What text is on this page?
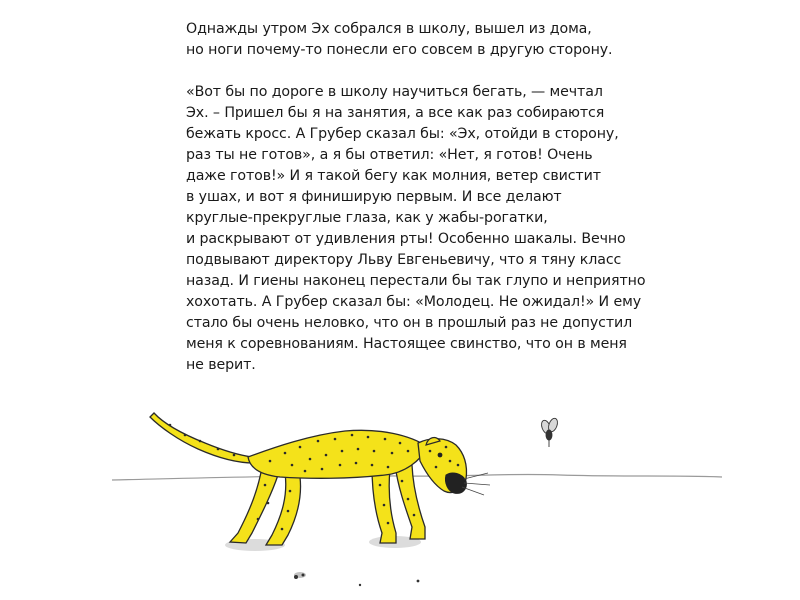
Однажды утром Эх собрался в школу, вышел из дома,
но ноги почему-то понесли его совсем в другую сторону.

«Вот бы по дороге в школу научиться бегать, — мечтал
Эх. – Пришел бы я на занятия, а все как раз собираются
бежать кросс. А Грубер сказал бы: «Эх, отойди в сторону,
раз ты не готов», а я бы ответил: «Нет, я готов! Очень
даже готов!» И я такой бегу как молния, ветер свистит
в ушах, и вот я финиширую первым. И все делают
круглые-прекруглые глаза, как у жабы-рогатки,
и раскрывают от удивления рты! Особенно шакалы. Вечно
подвывают директору Льву Евгеньевичу, что я тяну класс
назад. И гиены наконец перестали бы так глупо и неприятно
хохотать. А Грубер сказал бы: «Молодец. Не ожидал!» И ему
стало бы очень неловко, что он в прошлый раз не допустил
меня к соревнованиям. Настоящее свинство, что он в меня
не верит.
